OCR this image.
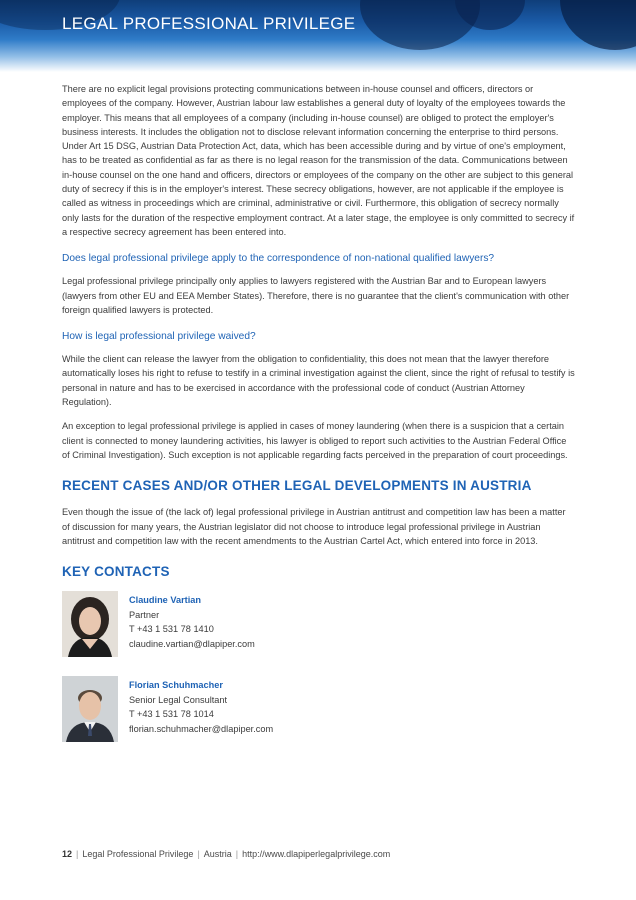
LEGAL PROFESSIONAL PRIVILEGE

There are no explicit legal provisions protecting communications between in-house counsel and officers, directors or employees of the company. However, Austrian labour law establishes a general duty of loyalty of the employees towards the employer. This means that all employees of a company (including in-house counsel) are obliged to protect the employer's business interests. It includes the obligation not to disclose relevant information concerning the enterprise to third persons. Under Art 15 DSG, Austrian Data Protection Act, data, which has been accessible during and by virtue of one's employment, has to be treated as confidential as far as there is no legal reason for the transmission of the data. Communications between in-house counsel on the one hand and officers, directors or employees of the company on the other are subject to this general duty of secrecy if this is in the employer's interest. These secrecy obligations, however, are not applicable if the employee is called as witness in proceedings which are criminal, administrative or civil. Furthermore, this obligation of secrecy normally only lasts for the duration of the respective employment contract. At a later stage, the employee is only committed to secrecy if a respective secrecy agreement has been entered into.

Does legal professional privilege apply to the correspondence of non-national qualified lawyers?

Legal professional privilege principally only applies to lawyers registered with the Austrian Bar and to European lawyers (lawyers from other EU and EEA Member States). Therefore, there is no guarantee that the client's communication with other foreign qualified lawyers is protected.

How is legal professional privilege waived?

While the client can release the lawyer from the obligation to confidentiality, this does not mean that the lawyer therefore automatically loses his right to refuse to testify in a criminal investigation against the client, since the right of refusal to testify is personal in nature and has to be exercised in accordance with the professional code of conduct (Austrian Attorney Regulation).

An exception to legal professional privilege is applied in cases of money laundering (when there is a suspicion that a certain client is connected to money laundering activities, his lawyer is obliged to report such activities to the Austrian Federal Office of Criminal Investigation). Such exception is not applicable regarding facts perceived in the preparation of court proceedings.

RECENT CASES AND/OR OTHER LEGAL DEVELOPMENTS IN AUSTRIA

Even though the issue of (the lack of) legal professional privilege in Austrian antitrust and competition law has been a matter of discussion for many years, the Austrian legislator did not choose to introduce legal professional privilege in Austrian antitrust and competition law with the recent amendments to the Austrian Cartel Act, which entered into force in 2013.

KEY CONTACTS
Claudine Vartian
Partner
T +43 1 531 78 1410
claudine.vartian@dlapiper.com
Florian Schuhmacher
Senior Legal Consultant
T +43 1 531 78 1014
florian.schuhmacher@dlapiper.com
12 | Legal Professional Privilege | Austria | http://www.dlapiperlegalprivilege.com
